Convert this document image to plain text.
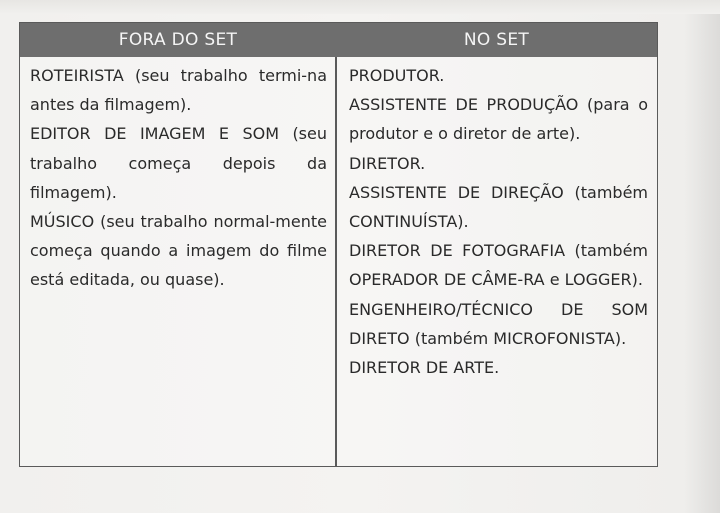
FORA DO SET	NO SET

ROTEIRISTA (seu trabalho termi-na antes da filmagem).

EDITOR DE IMAGEM E SOM (seu trabalho começa depois da filmagem).

MÚSICO (seu trabalho normal-mente começa quando a imagem do filme está editada, ou quase).

PRODUTOR.

ASSISTENTE DE PRODUÇÃO (para o produtor e o diretor de arte).

DIRETOR.

ASSISTENTE DE DIREÇÃO (também CONTINUÍSTA).

DIRETOR DE FOTOGRAFIA (também OPERADOR DE CÂME-RA e LOGGER).

ENGENHEIRO/TÉCNICO DE SOM DIRETO (também MICROFONISTA).

DIRETOR DE ARTE.
